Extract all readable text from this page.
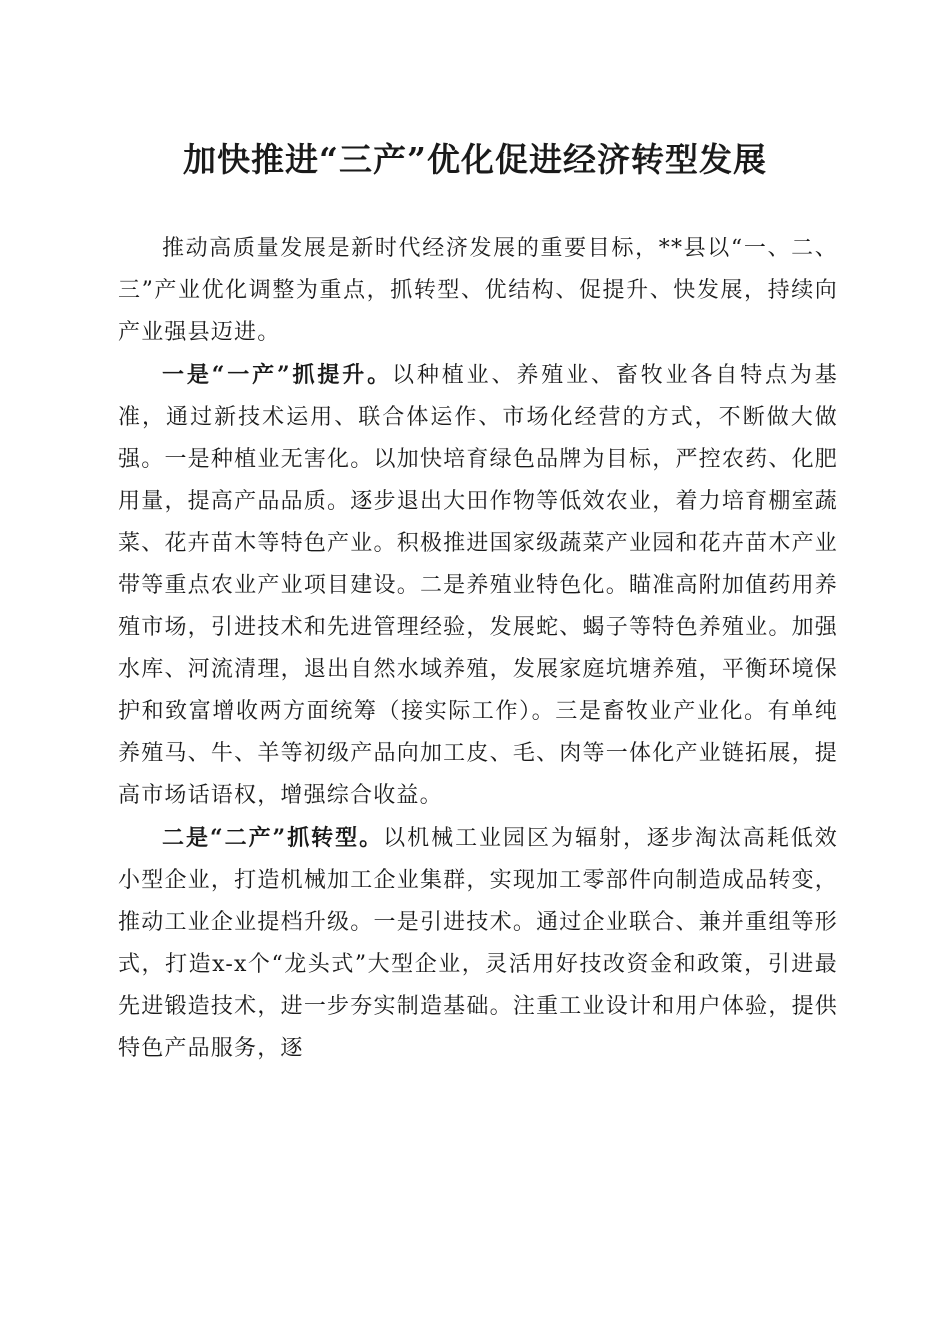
加快推进“三产”优化促进经济转型发展

推动高质量发展是新时代经济发展的重要目标，**县以“一、二、三”产业优化调整为重点，抓转型、优结构、促提升、快发展，持续向产业强县迈进。

一是“一产”抓提升。以种植业、养殖业、畜牧业各自特点为基准，通过新技术运用、联合体运作、市场化经营的方式，不断做大做强。一是种植业无害化。以加快培育绿色品牌为目标，严控农药、化肥用量，提高产品品质。逐步退出大田作物等低效农业，着力培育棚室蔬菜、花卉苗木等特色产业。积极推进国家级蔬菜产业园和花卉苗木产业带等重点农业产业项目建设。二是养殖业特色化。瞄准高附加值药用养殖市场，引进技术和先进管理经验，发展蛇、蝎子等特色养殖业。加强水库、河流清理，退出自然水域养殖，发展家庭坑塘养殖，平衡环境保护和致富增收两方面统筹（接实际工作）。三是畜牧业产业化。有单纯养殖马、牛、羊等初级产品向加工皮、毛、肉等一体化产业链拓展，提高市场话语权，增强综合收益。

二是“二产”抓转型。以机械工业园区为辐射，逐步淘汰高耗低效小型企业，打造机械加工企业集群，实现加工零部件向制造成品转变，推动工业企业提档升级。一是引进技术。通过企业联合、兼并重组等形式，打造x-x个“龙头式”大型企业，灵活用好技改资金和政策，引进最先进锻造技术，进一步夯实制造基础。注重工业设计和用户体验，提供特色产品服务，逐
